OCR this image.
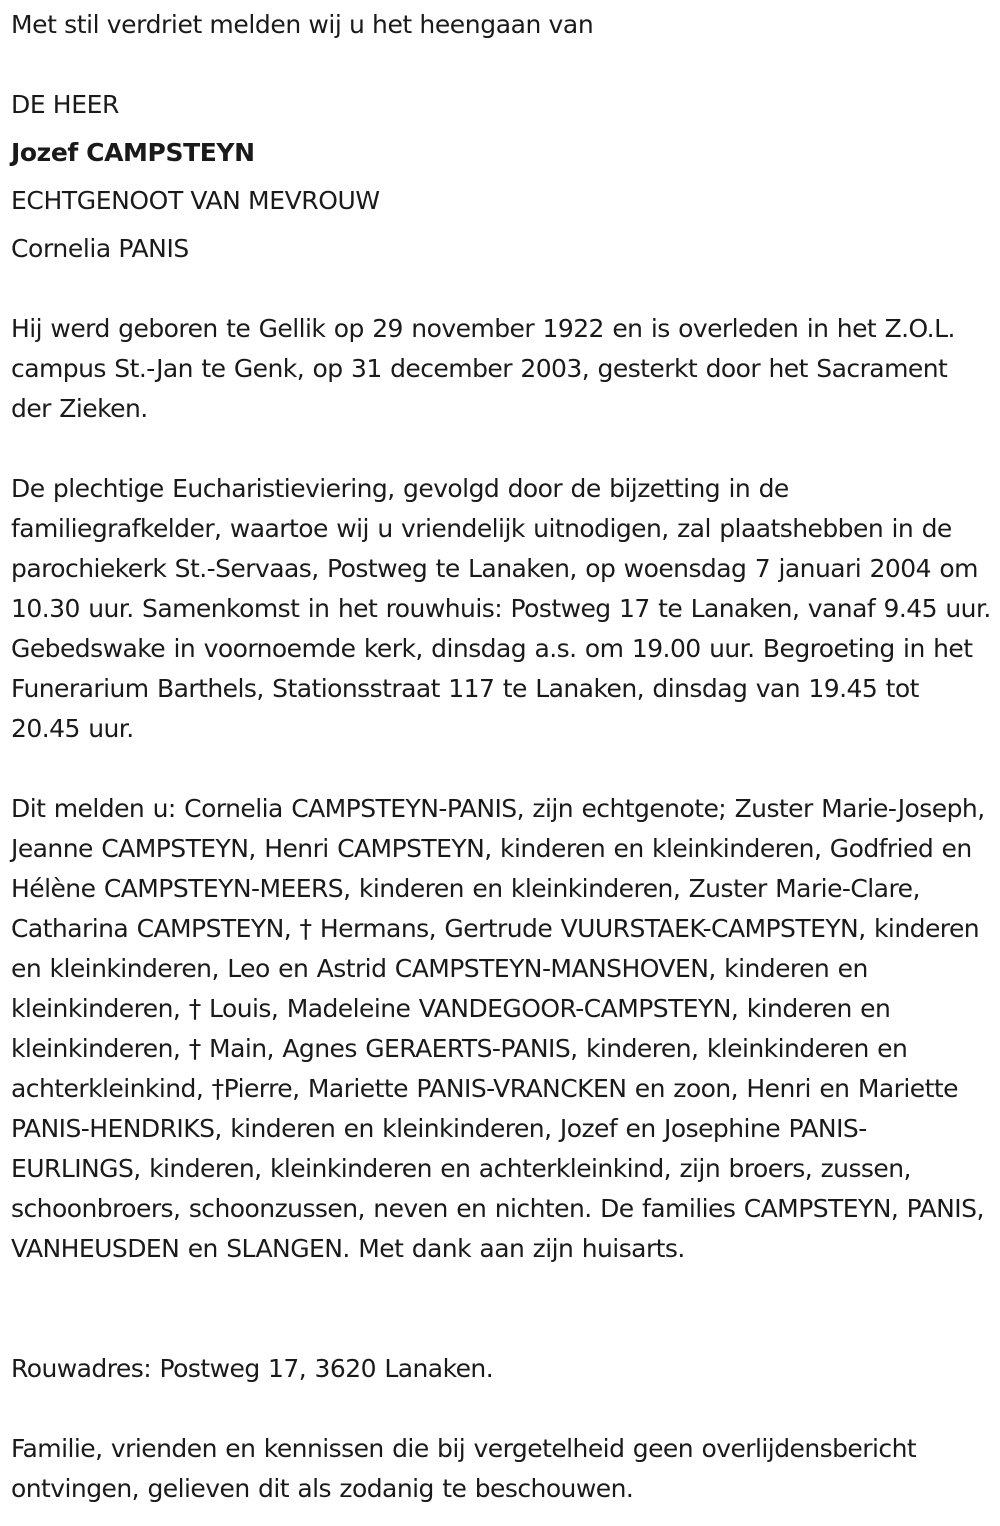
Met stil verdriet melden wij u het heengaan van
DE HEER
Jozef CAMPSTEYN
ECHTGENOOT VAN MEVROUW
Cornelia PANIS
Hij werd geboren te Gellik op 29 november 1922 en is overleden in het Z.O.L. campus St.-Jan te Genk, op 31 december 2003, gesterkt door het Sacrament der Zieken.
De plechtige Eucharistieviering, gevolgd door de bijzetting in de familiegrafkelder, waartoe wij u vriendelijk uitnodigen, zal plaatshebben in de parochiekerk St.-Servaas, Postweg te Lanaken, op woensdag 7 januari 2004 om 10.30 uur. Samenkomst in het rouwhuis: Postweg 17 te Lanaken, vanaf 9.45 uur. Gebedswake in voornoemde kerk, dinsdag a.s. om 19.00 uur. Begroeting in het Funerarium Barthels, Stationsstraat 117 te Lanaken, dinsdag van 19.45 tot 20.45 uur.
Dit melden u: Cornelia CAMPSTEYN-PANIS, zijn echtgenote; Zuster Marie-Joseph, Jeanne CAMPSTEYN, Henri CAMPSTEYN, kinderen en kleinkinderen, Godfried en Hélène CAMPSTEYN-MEERS, kinderen en kleinkinderen, Zuster Marie-Clare, Catharina CAMPSTEYN, † Hermans, Gertrude VUURSTAEK-CAMPSTEYN, kinderen en kleinkinderen, Leo en Astrid CAMPSTEYN-MANSHOVEN, kinderen en kleinkinderen, † Louis, Madeleine VANDEGOOR-CAMPSTEYN, kinderen en kleinkinderen, † Main, Agnes GERAERTS-PANIS, kinderen, kleinkinderen en achterkleinkind, †Pierre, Mariette PANIS-VRANCKEN en zoon, Henri en Mariette PANIS-HENDRIKS, kinderen en kleinkinderen, Jozef en Josephine PANIS-EURLINGS, kinderen, kleinkinderen en achterkleinkind, zijn broers, zussen, schoonbroers, schoonzussen, neven en nichten. De families CAMPSTEYN, PANIS, VANHEUSDEN en SLANGEN. Met dank aan zijn huisarts.
Rouwadres: Postweg 17, 3620 Lanaken.
Familie, vrienden en kennissen die bij vergetelheid geen overlijdensbericht ontvingen, gelieven dit als zodanig te beschouwen.
